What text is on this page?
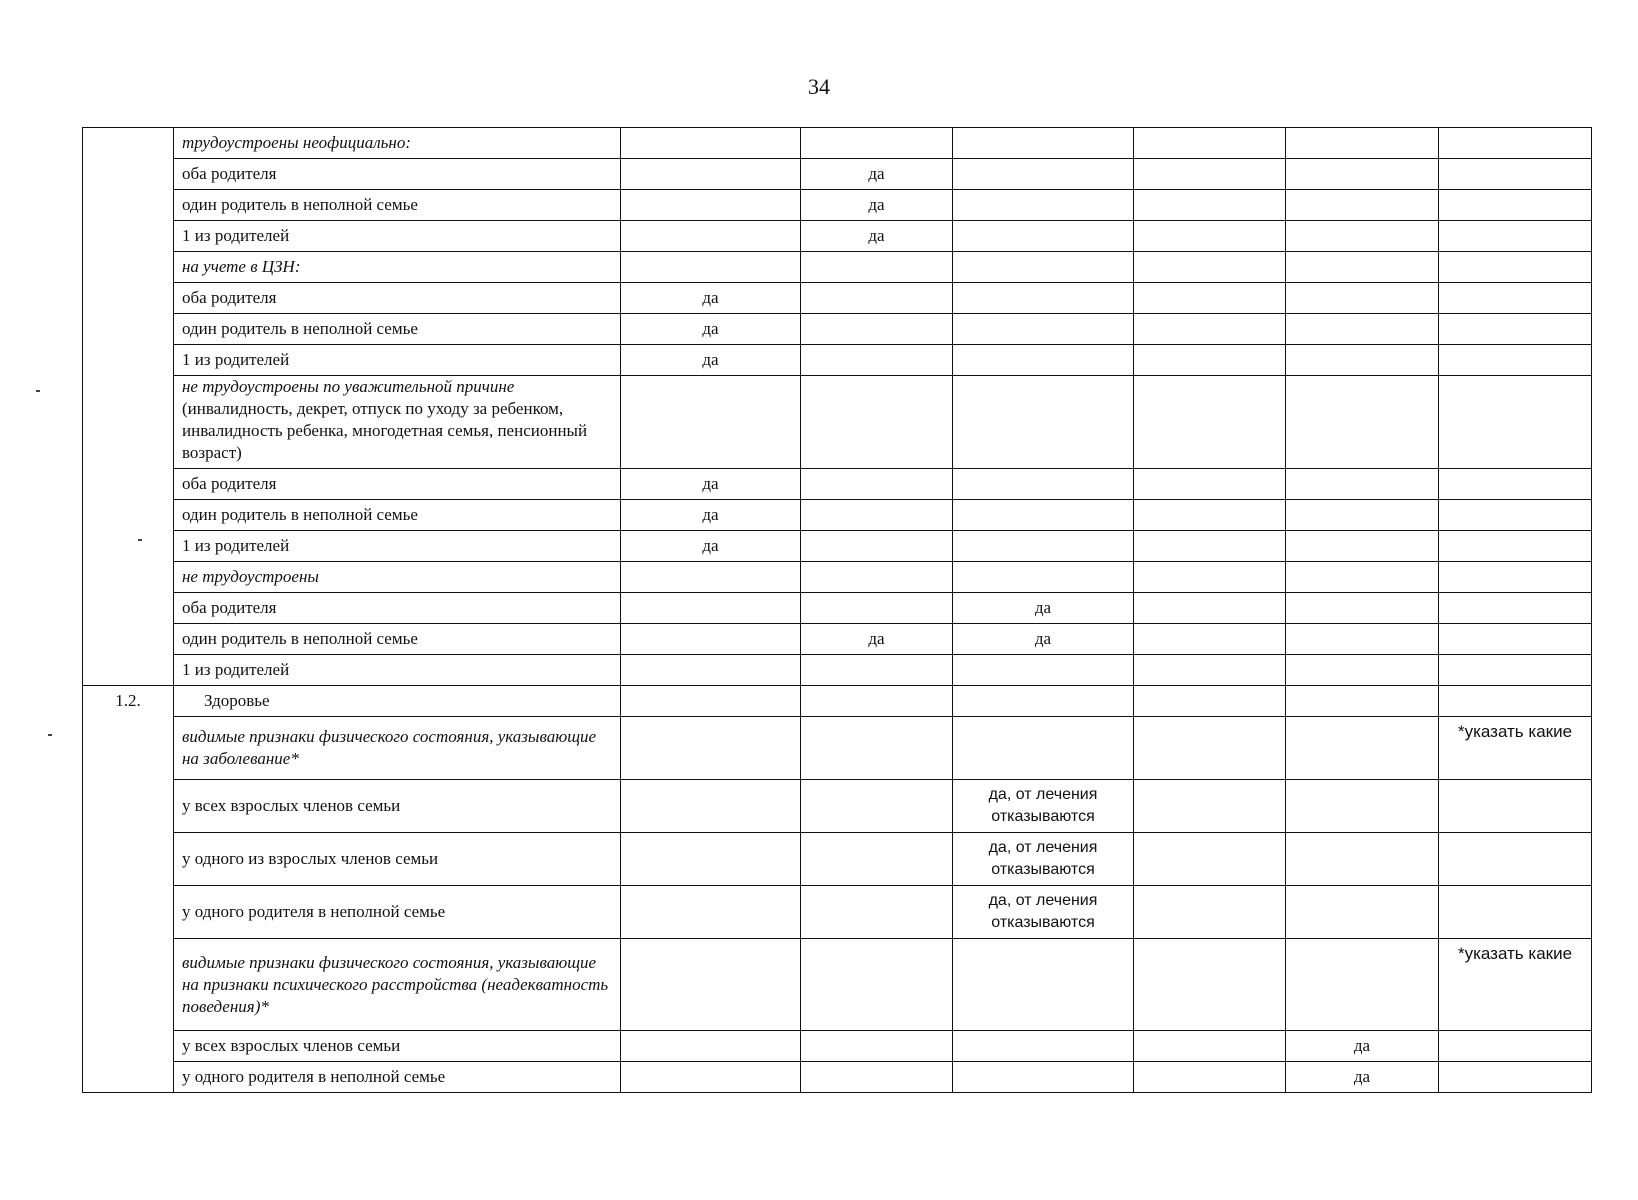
34
	трудоустроены неофициально:						
	оба родителя		да				
	один родитель в неполной семье		да				
	1 из родителей		да				
	на учете в ЦЗН:						
	оба родителя	да					
	один родитель в неполной семье	да					
	1 из родителей	да					
	не трудоустроены по уважительной причине
(инвалидность, декрет, отпуск по уходу за ребенком, инвалидность ребенка, многодетная семья, пенсионный возраст)						
	оба родителя	да					
	один родитель в неполной семье	да					
	1 из родителей	да					
	не трудоустроены						
	оба родителя			да			
	один родитель в неполной семье		да	да			
	1 из родителей						
1.2.	Здоровье						
	видимые признаки физического состояния, указывающие на заболевание*						*указать какие
	у всех взрослых членов семьи			да, от лечения отказываются			
	у одного из взрослых членов семьи			да, от лечения отказываются			
	у одного родителя в неполной семье			да, от лечения отказываются			
	видимые признаки физического состояния, указывающие на признаки психического расстройства (неадекватность поведения)*						*указать какие
	у всех взрослых членов семьи					да	
	у одного родителя в неполной семье					да	
